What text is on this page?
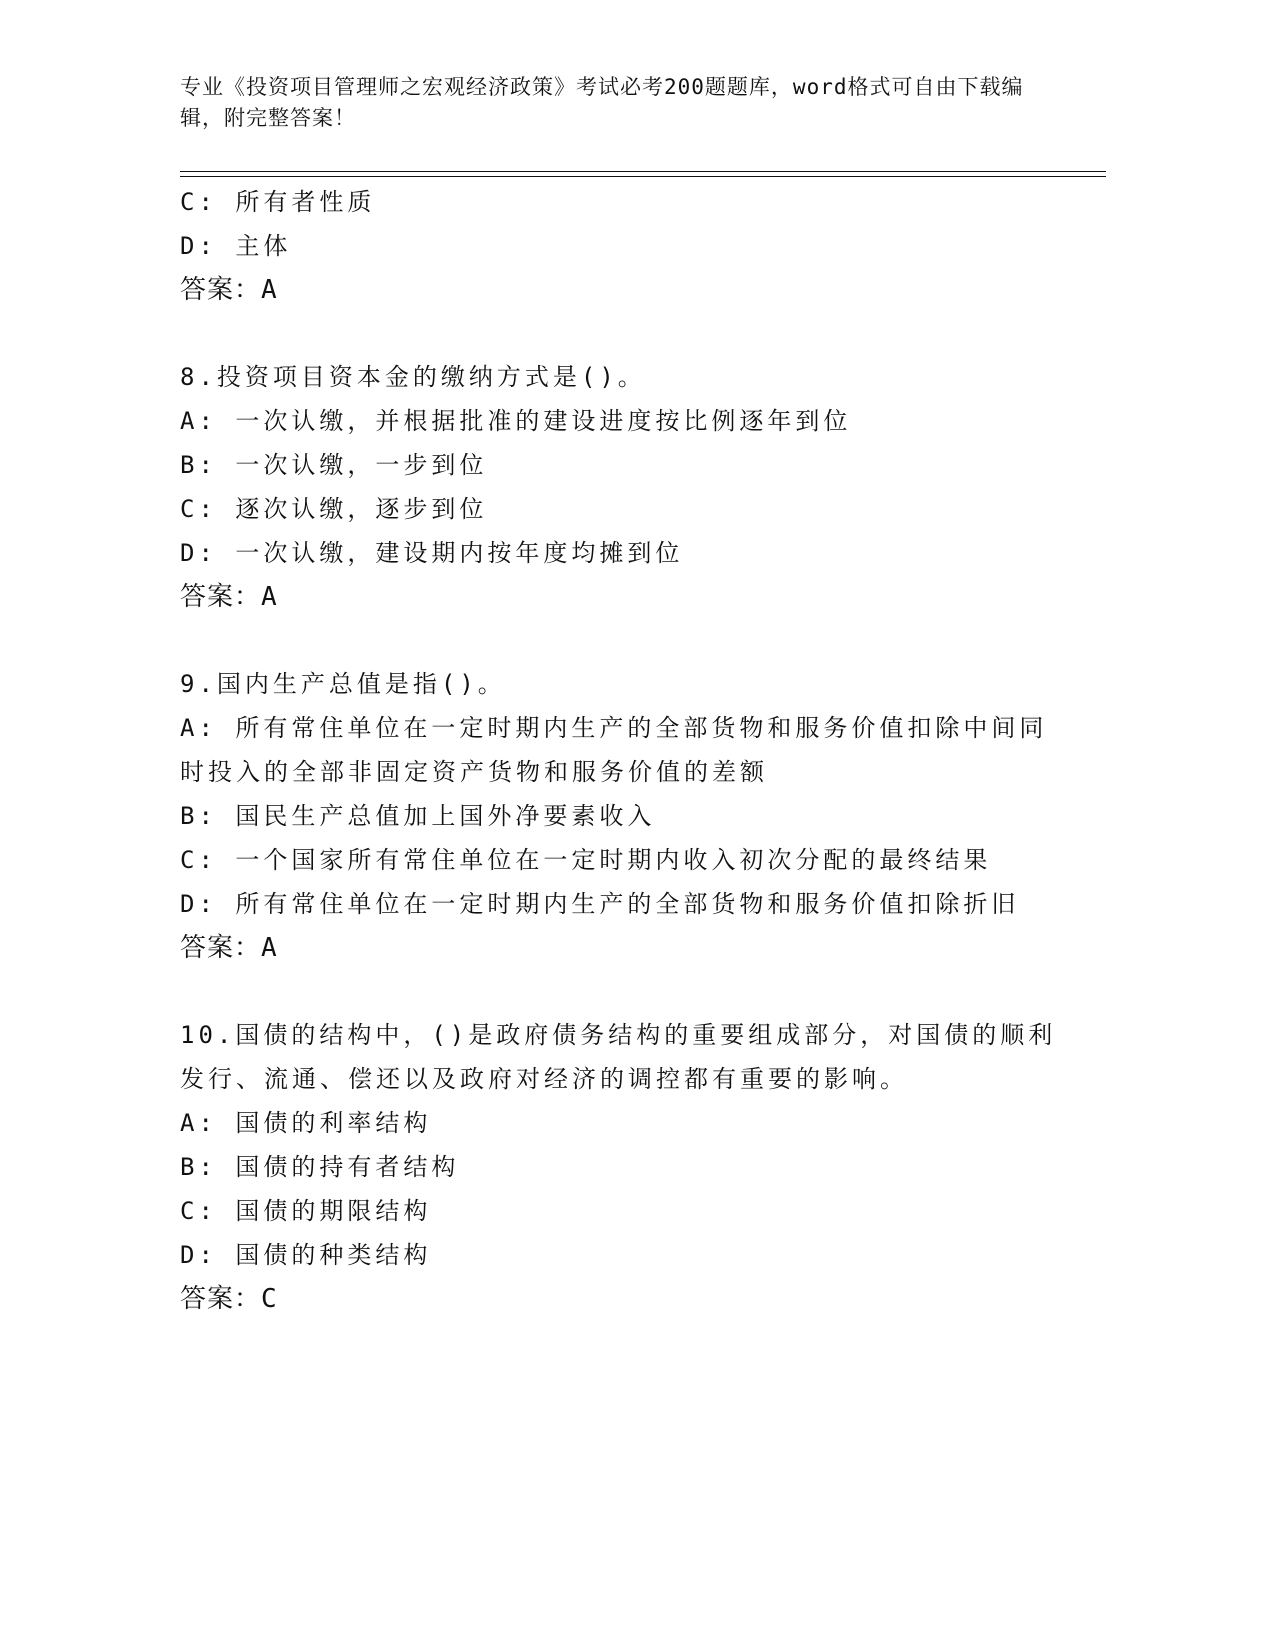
专业《投资项目管理师之宏观经济政策》考试必考200题题库，word格式可自由下载编辑，附完整答案！
C: 所有者性质
D: 主体
答案：A
8.投资项目资本金的缴纳方式是()。
A: 一次认缴，并根据批准的建设进度按比例逐年到位
B: 一次认缴，一步到位
C: 逐次认缴，逐步到位
D: 一次认缴，建设期内按年度均摊到位
答案：A
9.国内生产总值是指()。
A: 所有常住单位在一定时期内生产的全部货物和服务价值扣除中间同
时投入的全部非固定资产货物和服务价值的差额
B: 国民生产总值加上国外净要素收入
C: 一个国家所有常住单位在一定时期内收入初次分配的最终结果
D: 所有常住单位在一定时期内生产的全部货物和服务价值扣除折旧
答案：A
10.国债的结构中，()是政府债务结构的重要组成部分，对国债的顺利
发行、流通、偿还以及政府对经济的调控都有重要的影响。
A: 国债的利率结构
B: 国债的持有者结构
C: 国债的期限结构
D: 国债的种类结构
答案：C
